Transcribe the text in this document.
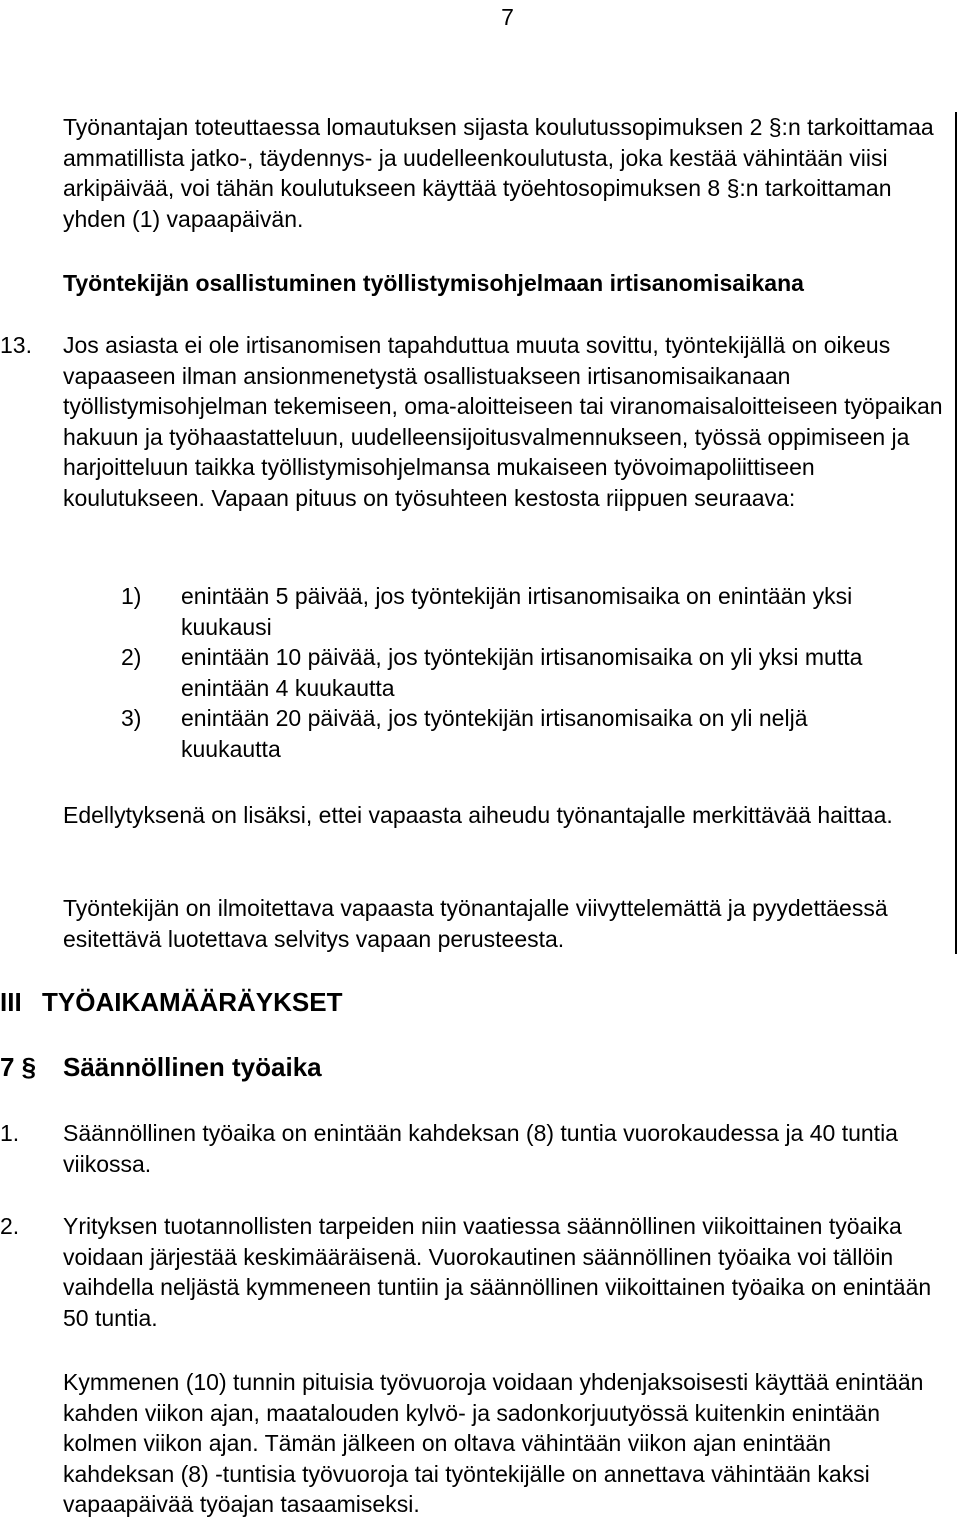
7

Työnantajan toteuttaessa lomautuksen sijasta koulutussopimuksen 2 §:n tarkoittamaa ammatillista jatko-, täydennys- ja uudelleenkoulutusta, joka kestää vähintään viisi arkipäivää, voi tähän koulutukseen käyttää työehtosopimuksen 8 §:n tarkoittaman yhden (1) vapaapäivän.

Työntekijän osallistuminen työllistymisohjelmaan irtisanomisaikana

13. Jos asiasta ei ole irtisanomisen tapahduttua muuta sovittu, työntekijällä on oikeus vapaaseen ilman ansionmenetystä osallistuakseen irtisanomisaikanaan työllistymisohjelman tekemiseen, oma-aloitteiseen tai viranomaisaloitteiseen työpaikan hakuun ja työhaastatteluun, uudelleensijoitusvalmennukseen, työssä oppimiseen ja harjoitteluun taikka työllistymisohjelmansa mukaiseen työvoimapoliittiseen koulutukseen. Vapaan pituus on työsuhteen kestosta riippuen seuraava:

1)	enintään 5 päivää, jos työntekijän irtisanomisaika on enintään yksi kuukausi
2)	enintään 10 päivää, jos työntekijän irtisanomisaika on yli yksi mutta enintään 4 kuukautta
3)	enintään 20 päivää, jos työntekijän irtisanomisaika on yli neljä kuukautta

Edellytyksenä on lisäksi, ettei vapaasta aiheudu työnantajalle merkittävää haittaa.

Työntekijän on ilmoitettava vapaasta työnantajalle viivyttelemättä ja pyydettäessä esitettävä luotettava selvitys vapaan perusteesta.

III TYÖAIKAMÄÄRÄYKSET

7 § Säännöllinen työaika

1. Säännöllinen työaika on enintään kahdeksan (8) tuntia vuorokaudessa ja 40 tuntia viikossa.

2. Yrityksen tuotannollisten tarpeiden niin vaatiessa säännöllinen viikoittainen työaika voidaan järjestää keskimääräisenä. Vuorokautinen säännöllinen työaika voi tällöin vaihdella neljästä kymmeneen tuntiin ja säännöllinen viikoittainen työaika on enintään 50 tuntia.

Kymmenen (10) tunnin pituisia työvuoroja voidaan yhdenjaksoisesti käyttää enintään kahden viikon ajan, maatalouden kylvö- ja sadonkorjuutyössä kuitenkin enintään kolmen viikon ajan. Tämän jälkeen on oltava vähintään viikon ajan enintään kahdeksan (8) -tuntisia työvuoroja tai työntekijälle on annettava vähintään kaksi vapaapäivää työajan tasaamiseksi.
